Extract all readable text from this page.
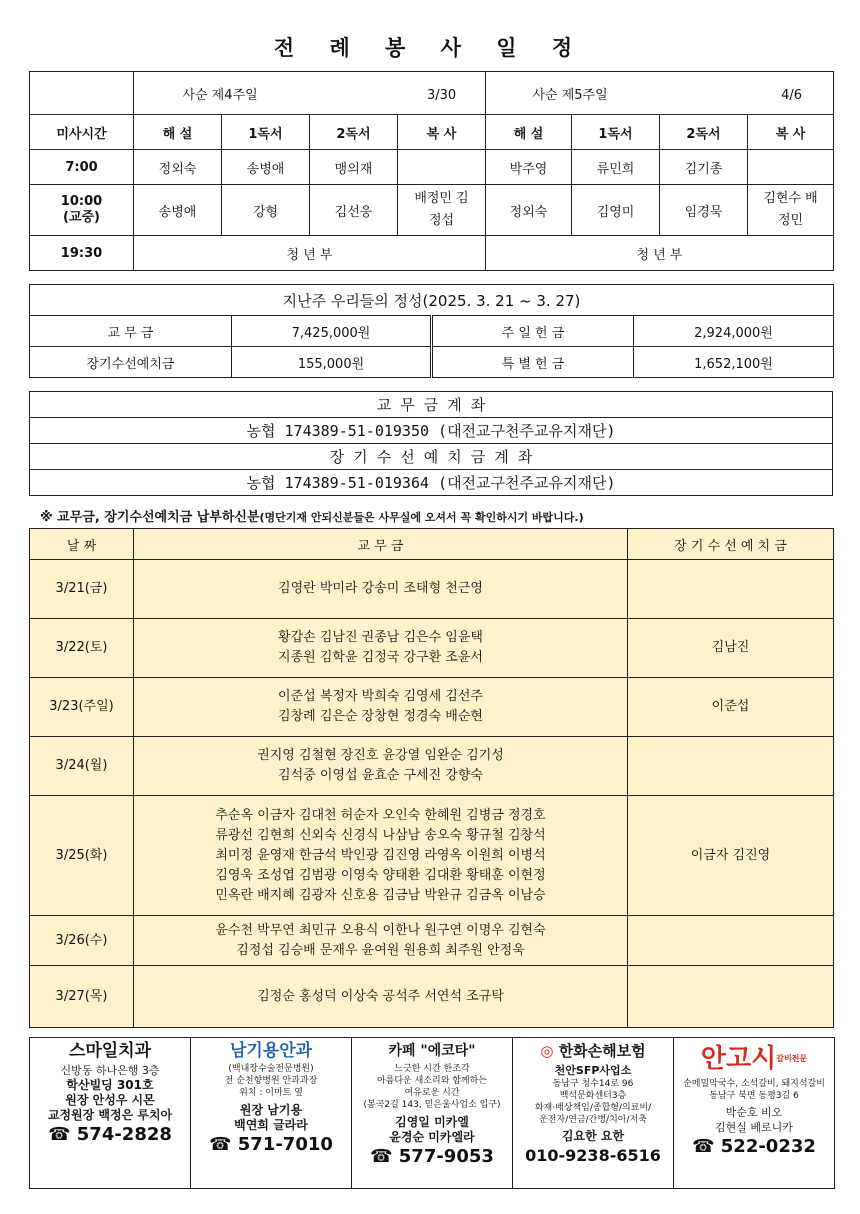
전 례 봉 사 일 정
	사순 제4주일 3/30				사순 제5주일 4/6			
미사시간	해 설	1독서	2독서	복 사	해 설	1독서	2독서	복 사
7:00	정외숙	송병애	맹의재		박주영	류민희	김기종	

10:00
(교중)	송병애	강형	김선웅	배정민 김정섭	정외숙	김영미	임경묵	김현수 배정민
19:30	청 년 부				청 년 부			
지난주 우리들의 정성(2025. 3. 21 ~ 3. 27)			
교 무 금	7,425,000원	주 일 헌 금	2,924,000원
장기수선예치금	155,000원	특 별 헌 금	1,652,100원
교 무 금 계 좌
농협 174389-51-019350 (대전교구천주교유지재단)
장 기 수 선 예 치 금 계 좌
농협 174389-51-019364 (대전교구천주교유지재단)
※ 교무금, 장기수선예치금 납부하신분(명단기재 안되신분들은 사무실에 오셔서 꼭 확인하시기 바랍니다.)
날 짜	교 무 금	장 기 수 선 예 치 금
3/21(금)	김영란 박미라 강송미 조태형 천근영	

3/22(토)	황갑손 김남진 권종남 김은수 임윤택
지종원 김학윤 김정국 강구환 조윤서	김남진
3/23(주일)	이준섭 복정자 박희숙 김영세 김선주
김창례 김은순 장창현 정경숙 배순현	이준섭
3/24(월)	권지영 김철현 장진호 윤강열 임완순 김기성
김석중 이영섭 윤효순 구세진 강향숙	

3/25(화)	추순옥 이금자 김대천 허순자 오인숙 한혜원 김병금 정경호
류광선 김현희 신외숙 신경식 나삼남 송오숙 황규철 김창석
최미정 윤영재 한금석 박인광 김진영 라영옥 이원희 이병석
김영욱 조성엽 김범광 이영숙 양태환 김대환 황태훈 이현정
민옥란 배지혜 김광자 신호용 김금남 박완규 김금옥 이남승	이금자 김진영
3/26(수)	윤수천 박무연 최민규 오용식 이한나 원구연 이명우 김현숙
김정섭 김승배 문재우 윤여원 원용희 최주원 안정욱	

3/27(목)	김정순 홍성덕 이상숙 공석주 서연석 조규탁	

스마일치과
신방동 하나은행 3층
학산빌딩 301호
원장 안성우 시몬
교정원장 백정은 루치아
☎ 574-2828
남기용안과
(백내장수술전문병원)
전 순천향병원 안과과장
위치 : 이마트 옆
원장 남기용
백연희 글라라
☎ 571-7010
카페 "에코타"
느긋한 시간 한조각
아름다운 새소리와 함께하는
여유로운 시간
(봉곡2길 143, 믿은울사업소 입구)
김영일 미카엘
윤경순 미카엘라
☎ 577-9053
◎ 한화손해보험
천안SFP사업소
동남구 청수14로 96
백석문화센터3층
화재·배상책임/종합형/의료비/
운전자/연금/간병/치아/저축
김요한 요한
010-9238-6516
안고시$^{갈비전문}$
순메밀막국수, 소석갈비, 돼지석갈비
동남구 북면 동평3길 6
박순호 비오
김현실 베로니카
☎ 522-0232
